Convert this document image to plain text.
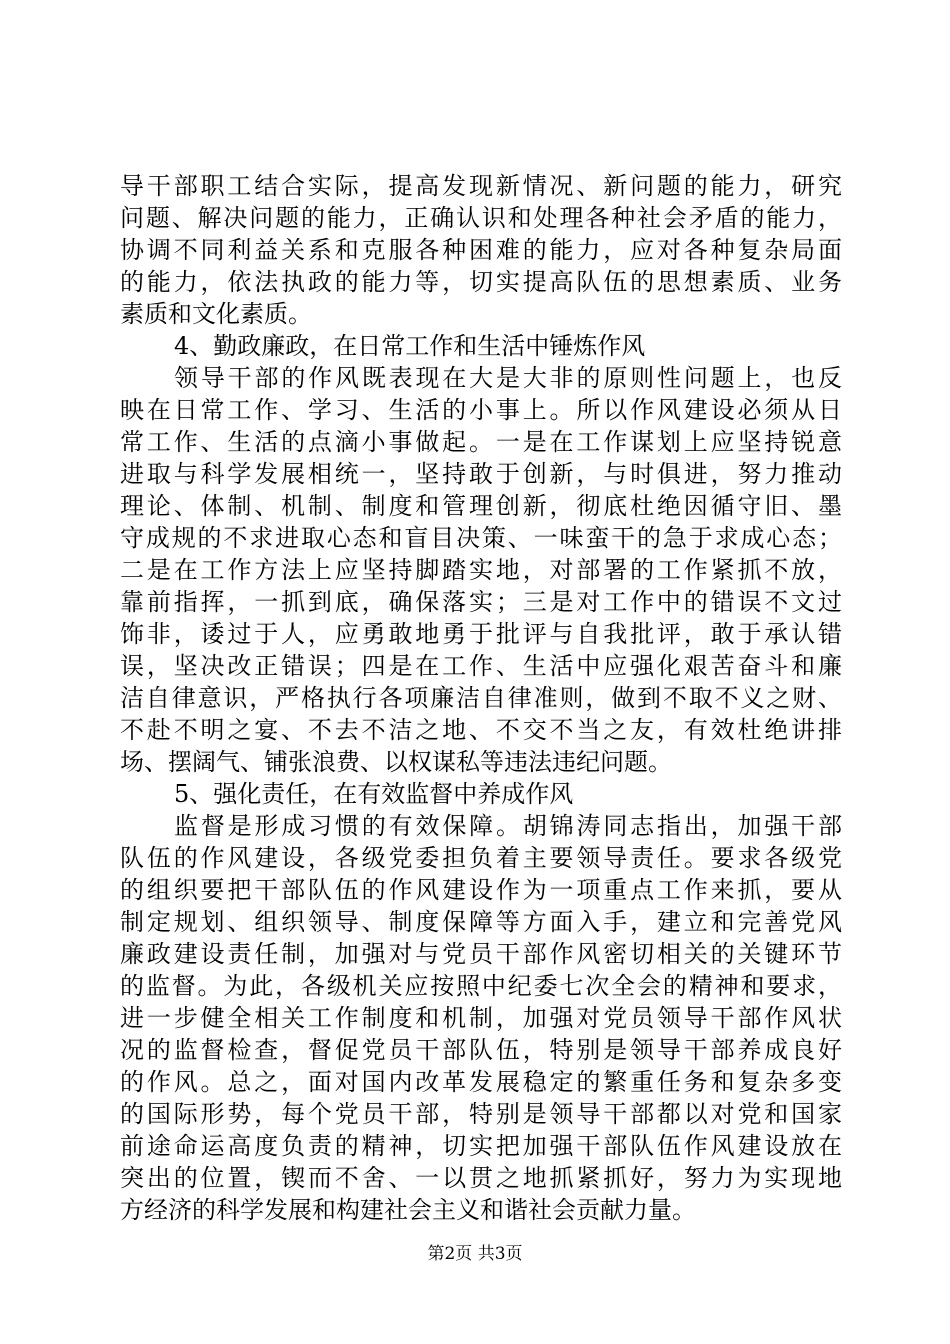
导干部职工结合实际，提高发现新情况、新问题的能力，研究
问题、解决问题的能力，正确认识和处理各种社会矛盾的能力，
协调不同利益关系和克服各种困难的能力，应对各种复杂局面
的能力，依法执政的能力等，切实提高队伍的思想素质、业务
素质和文化素质。
4、勤政廉政，在日常工作和生活中锤炼作风
领导干部的作风既表现在大是大非的原则性问题上，也反
映在日常工作、学习、生活的小事上。所以作风建设必须从日
常工作、生活的点滴小事做起。一是在工作谋划上应坚持锐意
进取与科学发展相统一，坚持敢于创新，与时俱进，努力推动
理论、体制、机制、制度和管理创新，彻底杜绝因循守旧、墨
守成规的不求进取心态和盲目决策、一味蛮干的急于求成心态；
二是在工作方法上应坚持脚踏实地，对部署的工作紧抓不放，
靠前指挥，一抓到底，确保落实；三是对工作中的错误不文过
饰非，诿过于人，应勇敢地勇于批评与自我批评，敢于承认错
误，坚决改正错误；四是在工作、生活中应强化艰苦奋斗和廉
洁自律意识，严格执行各项廉洁自律准则，做到不取不义之财、
不赴不明之宴、不去不洁之地、不交不当之友，有效杜绝讲排
场、摆阔气、铺张浪费、以权谋私等违法违纪问题。
5、强化责任，在有效监督中养成作风
监督是形成习惯的有效保障。胡锦涛同志指出，加强干部
队伍的作风建设，各级党委担负着主要领导责任。要求各级党
的组织要把干部队伍的作风建设作为一项重点工作来抓，要从
制定规划、组织领导、制度保障等方面入手，建立和完善党风
廉政建设责任制，加强对与党员干部作风密切相关的关键环节
的监督。为此，各级机关应按照中纪委七次全会的精神和要求，
进一步健全相关工作制度和机制，加强对党员领导干部作风状
况的监督检查，督促党员干部队伍，特别是领导干部养成良好
的作风。总之，面对国内改革发展稳定的繁重任务和复杂多变
的国际形势，每个党员干部，特别是领导干部都以对党和国家
前途命运高度负责的精神，切实把加强干部队伍作风建设放在
突出的位置，锲而不舍、一以贯之地抓紧抓好，努力为实现地
方经济的科学发展和构建社会主义和谐社会贡献力量。
第2页 共3页
